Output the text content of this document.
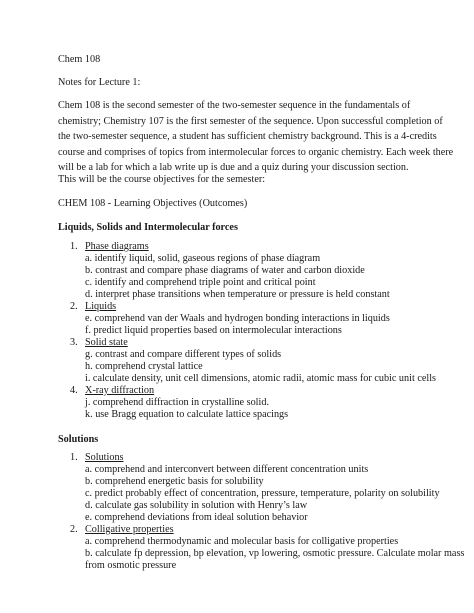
Chem 108
Notes for Lecture 1:
Chem 108 is the second semester of the two-semester sequence in the fundamentals of
chemistry; Chemistry 107 is the first semester of the sequence. Upon successful completion of
the two-semester sequence, a student has sufficient chemistry background. This is a 4-credits
course and comprises of topics from intermolecular forces to organic chemistry. Each week there
will be a lab for which a lab write up is due and a quiz during your discussion section.
This will be the course objectives for the semester:
CHEM 108 - Learning Objectives (Outcomes)
Liquids, Solids and Intermolecular forces
1. Phase diagrams
a. identify liquid, solid, gaseous regions of phase diagram
b. contrast and compare phase diagrams of water and carbon dioxide
c. identify and comprehend triple point and critical point
d. interpret phase transitions when temperature or pressure is held constant
2. Liquids
e. comprehend van der Waals and hydrogen bonding interactions in liquids
f. predict liquid properties based on intermolecular interactions
3. Solid state
g. contrast and compare different types of solids
h. comprehend crystal lattice
i. calculate density, unit cell dimensions, atomic radii, atomic mass for cubic unit cells
4. X-ray diffraction
j. comprehend diffraction in crystalline solid.
k. use Bragg equation to calculate lattice spacings
Solutions
1. Solutions
a. comprehend and interconvert between different concentration units
b. comprehend energetic basis for solubility
c. predict probably effect of concentration, pressure, temperature, polarity on solubility
d. calculate gas solubility in solution with Henry’s law
e. comprehend deviations from ideal solution behavior
2. Colligative properties
a. comprehend thermodynamic and molecular basis for colligative properties
b. calculate fp depression, bp elevation, vp lowering, osmotic pressure. Calculate molar mass
from osmotic pressure
